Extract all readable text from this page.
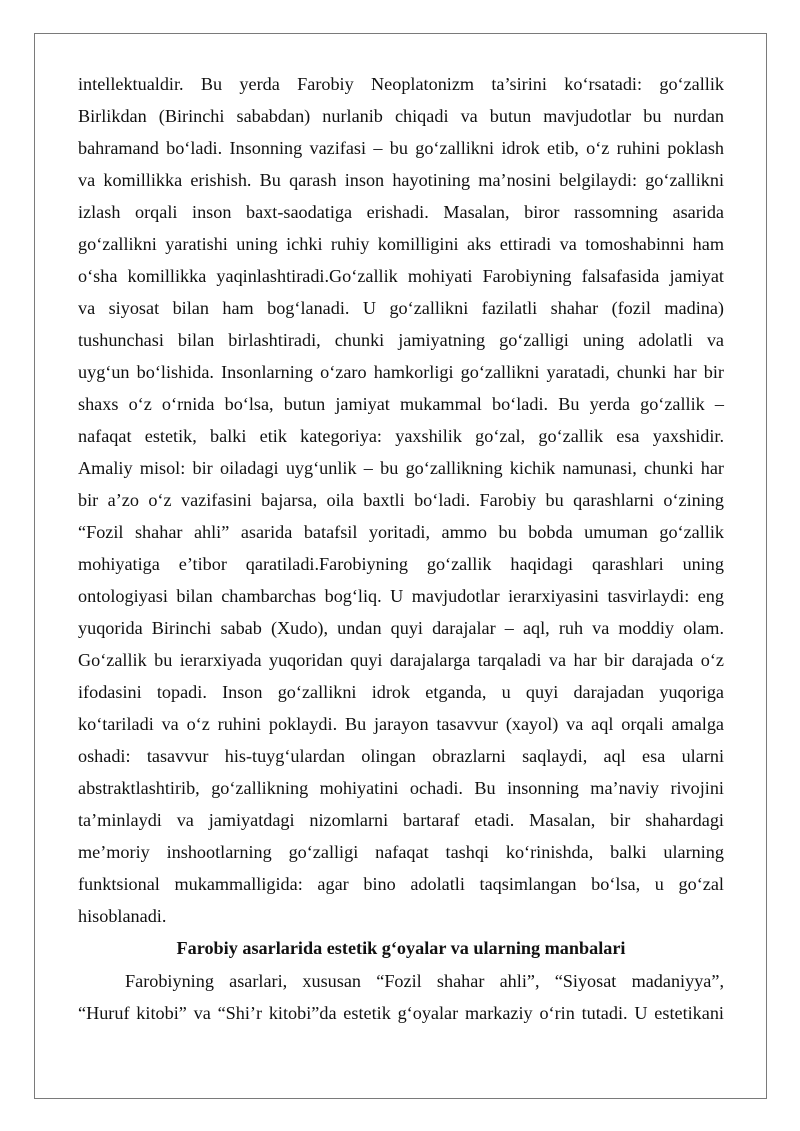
intellektualdir. Bu yerda Farobiy Neoplatonizm ta’sirini ko‘rsatadi: go‘zallik
Birlikdan (Birinchi sababdan) nurlanib chiqadi va butun mavjudotlar bu nurdan
bahramand bo‘ladi. Insonning vazifasi – bu go‘zallikni idrok etib, o‘z ruhini poklash
va komillikka erishish. Bu qarash inson hayotining ma’nosini belgilaydi: go‘zallikni
izlash orqali inson baxt-saodatiga erishadi. Masalan, biror rassomning asarida
go‘zallikni yaratishi uning ichki ruhiy komilligini aks ettiradi va tomoshabinni ham
o‘sha komillikka yaqinlashtiradi.Go‘zallik mohiyati Farobiyning falsafasida jamiyat
va siyosat bilan ham bog‘lanadi. U go‘zallikni fazilatli shahar (fozil madina)
tushunchasi bilan birlashtiradi, chunki jamiyatning go‘zalligi uning adolatli va
uyg‘un bo‘lishida. Insonlarning o‘zaro hamkorligi go‘zallikni yaratadi, chunki har bir
shaxs o‘z o‘rnida bo‘lsa, butun jamiyat mukammal bo‘ladi. Bu yerda go‘zallik –
nafaqat estetik, balki etik kategoriya: yaxshilik go‘zal, go‘zallik esa yaxshidir.
Amaliy misol: bir oiladagi uyg‘unlik – bu go‘zallikning kichik namunasi, chunki har
bir a’zo o‘z vazifasini bajarsa, oila baxtli bo‘ladi. Farobiy bu qarashlarni o‘zining
“Fozil shahar ahli” asarida batafsil yoritadi, ammo bu bobda umuman go‘zallik
mohiyatiga e’tibor qaratiladi.Farobiyning go‘zallik haqidagi qarashlari uning
ontologiyasi bilan chambarchas bog‘liq. U mavjudotlar ierarxiyasini tasvirlaydi: eng
yuqorida Birinchi sabab (Xudo), undan quyi darajalar – aql, ruh va moddiy olam.
Go‘zallik bu ierarxiyada yuqoridan quyi darajalarga tarqaladi va har bir darajada o‘z
ifodasini topadi. Inson go‘zallikni idrok etganda, u quyi darajadan yuqoriga
ko‘tariladi va o‘z ruhini poklaydi. Bu jarayon tasavvur (xayol) va aql orqali amalga
oshadi: tasavvur his-tuyg‘ulardan olingan obrazlarni saqlaydi, aql esa ularni
abstraktlashtirib, go‘zallikning mohiyatini ochadi. Bu insonning ma’naviy rivojini
ta’minlaydi va jamiyatdagi nizomlarni bartaraf etadi. Masalan, bir shahardagi
me’moriy inshootlarning go‘zalligi nafaqat tashqi ko‘rinishda, balki ularning
funktsional mukammalligida: agar bino adolatli taqsimlangan bo‘lsa, u go‘zal
hisoblanadi.
Farobiy asarlarida estetik g‘oyalar va ularning manbalari
Farobiyning asarlari, xususan “Fozil shahar ahli”, “Siyosat madaniyya”,
“Huruf kitobi” va “Shi’r kitobi”da estetik g‘oyalar markaziy o‘rin tutadi. U estetikani
